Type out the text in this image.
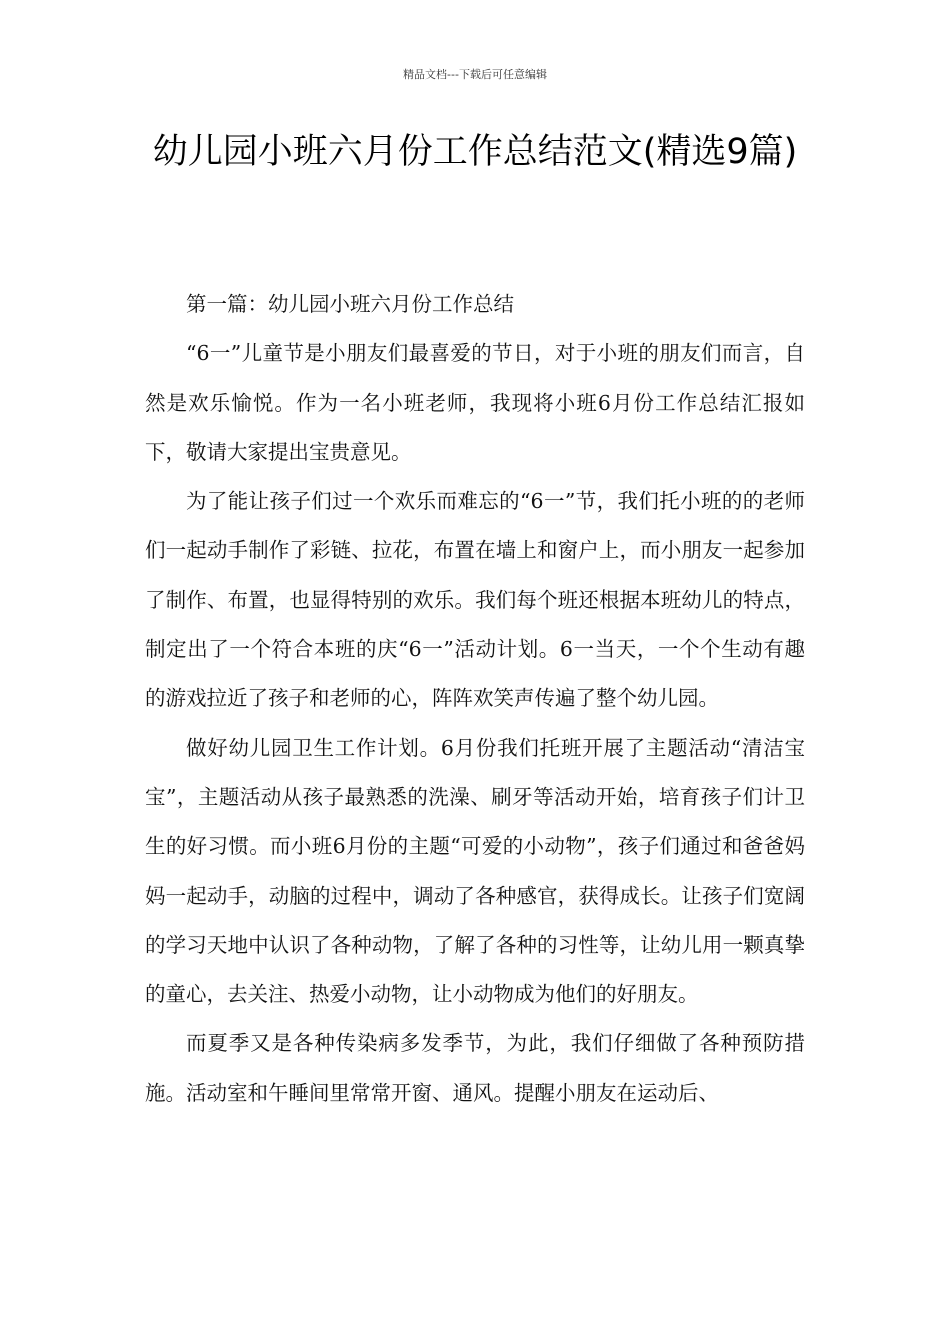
精品文档---下载后可任意编辑
幼儿园小班六月份工作总结范文(精选9篇)

第一篇：幼儿园小班六月份工作总结

“6一”儿童节是小朋友们最喜爱的节日，对于小班的朋友们而言，自然是欢乐愉悦。作为一名小班老师，我现将小班6月份工作总结汇报如下，敬请大家提出宝贵意见。

为了能让孩子们过一个欢乐而难忘的“6一”节，我们托小班的的老师们一起动手制作了彩链、拉花，布置在墙上和窗户上，而小朋友一起参加了制作、布置，也显得特别的欢乐。我们每个班还根据本班幼儿的特点，制定出了一个符合本班的庆“6一”活动计划。6一当天，一个个生动有趣的游戏拉近了孩子和老师的心，阵阵欢笑声传遍了整个幼儿园。

做好幼儿园卫生工作计划。6月份我们托班开展了主题活动“清洁宝宝”，主题活动从孩子最熟悉的洗澡、刷牙等活动开始，培育孩子们计卫生的好习惯。而小班6月份的主题“可爱的小动物”，孩子们通过和爸爸妈妈一起动手，动脑的过程中，调动了各种感官，获得成长。让孩子们宽阔的学习天地中认识了各种动物，了解了各种的习性等，让幼儿用一颗真挚的童心，去关注、热爱小动物，让小动物成为他们的好朋友。

而夏季又是各种传染病多发季节，为此，我们仔细做了各种预防措施。活动室和午睡间里常常开窗、通风。提醒小朋友在运动后、
